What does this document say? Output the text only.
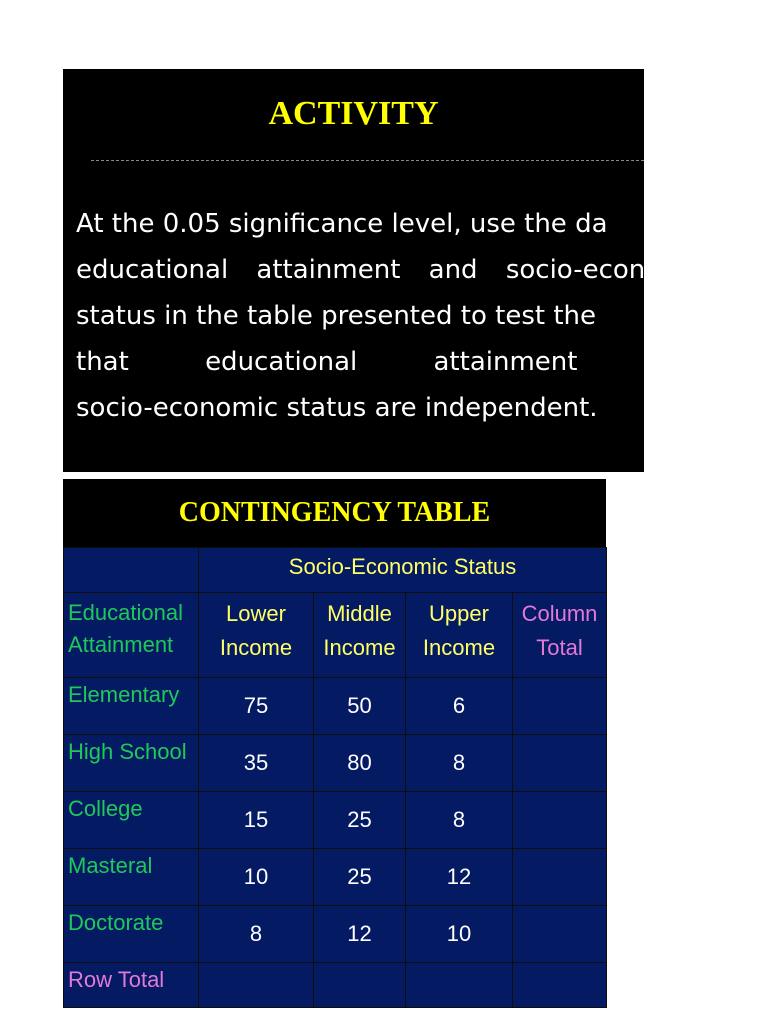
ACTIVITY

At the 0.05 significance level, use the da
educational attainment and socio-econ
status in the table presented to test the
that educational attainment
socio-economic status are independent.

CONTINGENCY TABLE
	Socio-Economic Status			
Educational Attainment	Lower Income	Middle Income	Upper Income	Column Total
Elementary	75	50	6	
High School	35	80	8	
College	15	25	8	
Masteral	10	25	12	
Doctorate	8	12	10	
Row Total				
